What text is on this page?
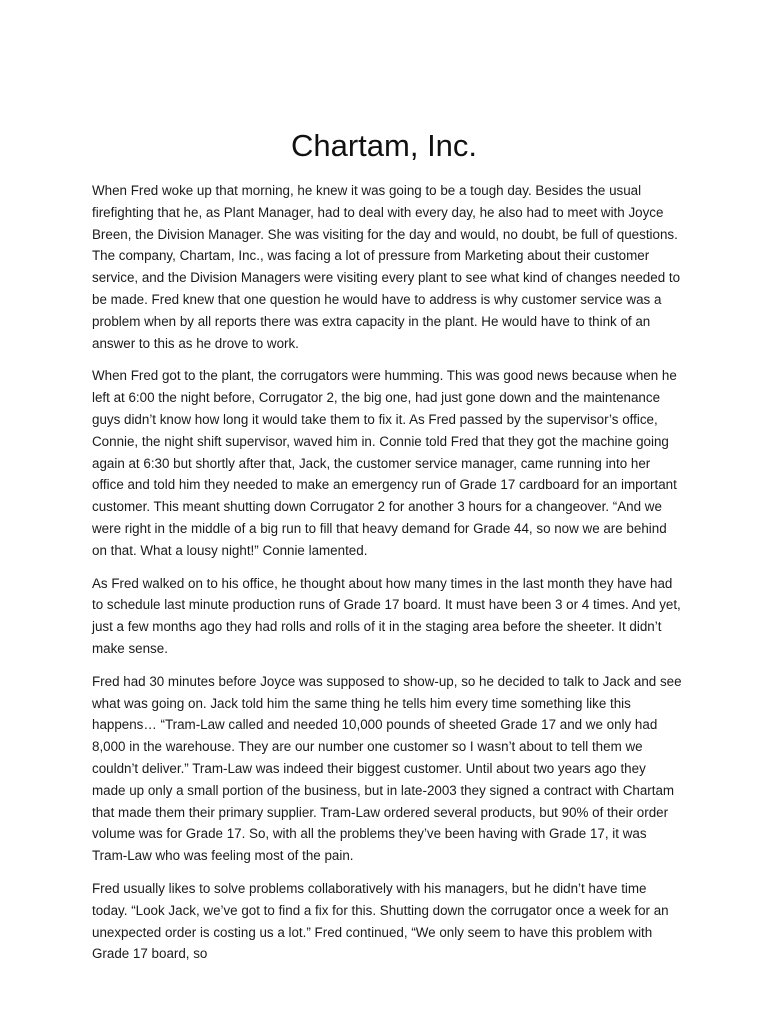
Chartam, Inc.

When Fred woke up that morning, he knew it was going to be a tough day. Besides the usual firefighting that he, as Plant Manager, had to deal with every day, he also had to meet with Joyce Breen, the Division Manager. She was visiting for the day and would, no doubt, be full of questions. The company, Chartam, Inc., was facing a lot of pressure from Marketing about their customer service, and the Division Managers were visiting every plant to see what kind of changes needed to be made. Fred knew that one question he would have to address is why customer service was a problem when by all reports there was extra capacity in the plant. He would have to think of an answer to this as he drove to work.

When Fred got to the plant, the corrugators were humming. This was good news because when he left at 6:00 the night before, Corrugator 2, the big one, had just gone down and the maintenance guys didn’t know how long it would take them to fix it. As Fred passed by the supervisor’s office, Connie, the night shift supervisor, waved him in. Connie told Fred that they got the machine going again at 6:30 but shortly after that, Jack, the customer service manager, came running into her office and told him they needed to make an emergency run of Grade 17 cardboard for an important customer. This meant shutting down Corrugator 2 for another 3 hours for a changeover. “And we were right in the middle of a big run to fill that heavy demand for Grade 44, so now we are behind on that. What a lousy night!” Connie lamented.

As Fred walked on to his office, he thought about how many times in the last month they have had to schedule last minute production runs of Grade 17 board. It must have been 3 or 4 times. And yet, just a few months ago they had rolls and rolls of it in the staging area before the sheeter. It didn’t make sense.

Fred had 30 minutes before Joyce was supposed to show-up, so he decided to talk to Jack and see what was going on. Jack told him the same thing he tells him every time something like this happens… “Tram-Law called and needed 10,000 pounds of sheeted Grade 17 and we only had 8,000 in the warehouse. They are our number one customer so I wasn’t about to tell them we couldn’t deliver.” Tram-Law was indeed their biggest customer. Until about two years ago they made up only a small portion of the business, but in late-2003 they signed a contract with Chartam that made them their primary supplier. Tram-Law ordered several products, but 90% of their order volume was for Grade 17. So, with all the problems they’ve been having with Grade 17, it was Tram-Law who was feeling most of the pain.

Fred usually likes to solve problems collaboratively with his managers, but he didn’t have time today. “Look Jack, we’ve got to find a fix for this. Shutting down the corrugator once a week for an unexpected order is costing us a lot.” Fred continued, “We only seem to have this problem with Grade 17 board, so
